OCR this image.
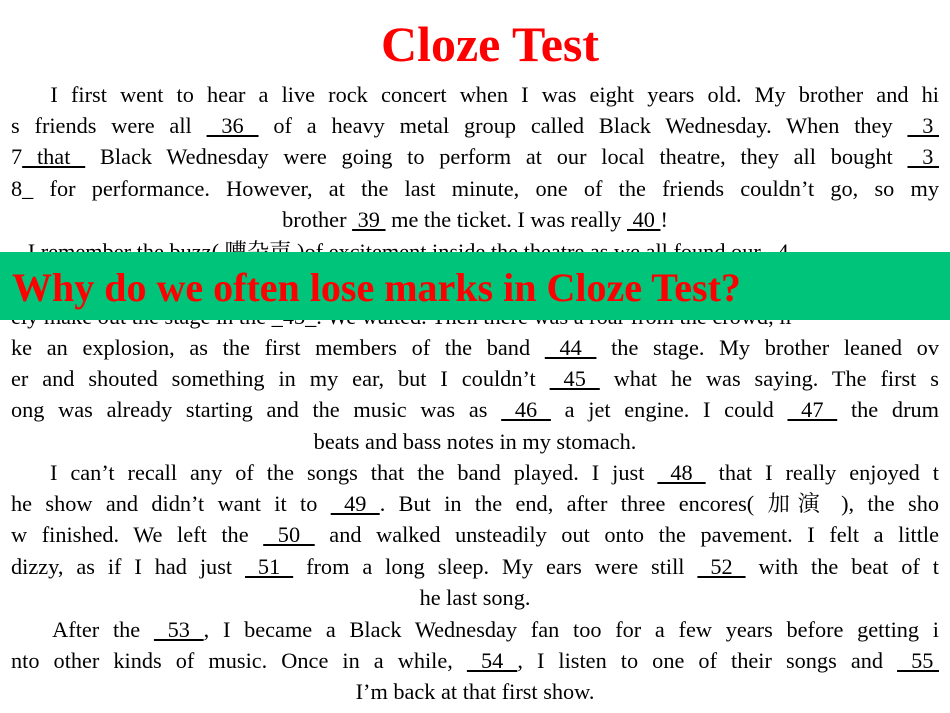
Cloze Test
I first went to hear a live rock concert when I was eight years old. My brother and hi
s friends were all  36  of a heavy metal group called Black Wednesday. When they  3
7 that  Black Wednesday were going to perform at our local theatre, they all bought  3
8_ for performance. However, at the last minute, one of the friends couldn’t go, so my
brother  39  me the ticket. I was really  40 !
Why do we often lose marks in Cloze Test?
ke an explosion, as the first members of the band  44  the stage. My brother leaned ov
er and shouted something in my ear, but I couldn’t  45  what he was saying. The first s
ong was already starting and the music was as  46  a jet engine. I could  47  the drum
beats and bass notes in my stomach.
I can’t recall any of the songs that the band played. I just  48  that I really enjoyed t
he show and didn’t want it to  49 . But in the end, after three encores( 加演 ), the sho
w finished. We left the  50  and walked unsteadily out onto the pavement. I felt a little
dizzy, as if I had just  51  from a long sleep. My ears were still  52  with the beat of t
he last song.
After the  53 , I became a Black Wednesday fan too for a few years before getting i
nto other kinds of music. Once in a while,  54 , I listen to one of their songs and  55
I’m back at that first show.
